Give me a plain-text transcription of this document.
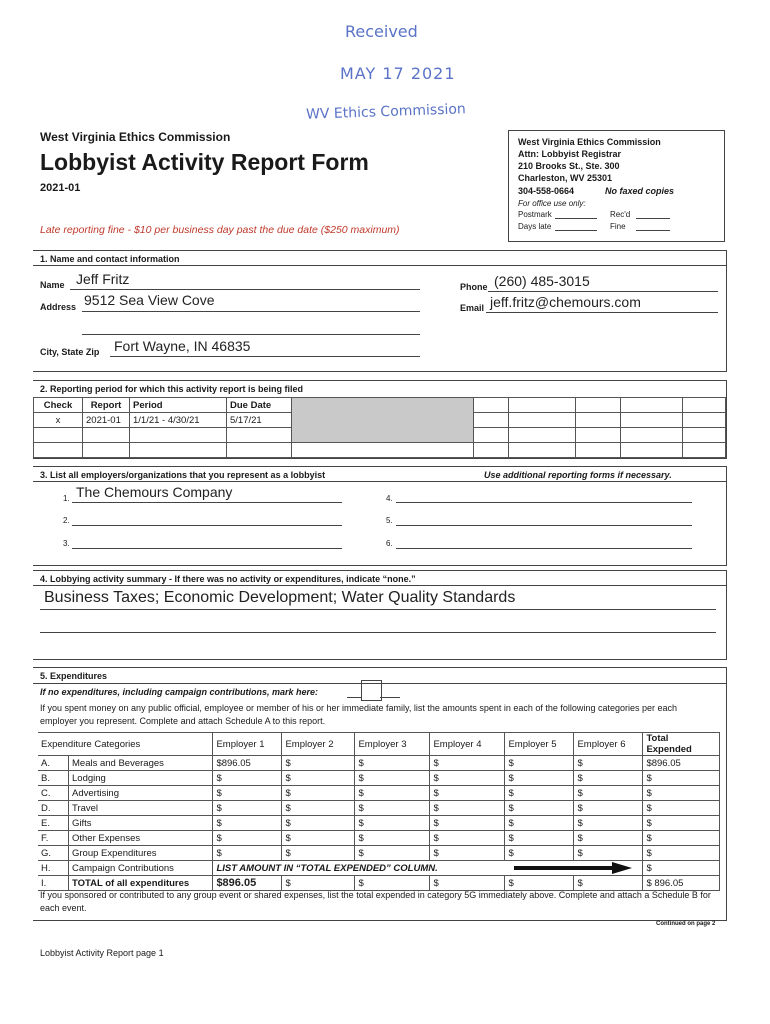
Received
MAY 17 2021
WV Ethics Commission
West Virginia Ethics Commission
Lobbyist Activity Report Form
2021-01
Late reporting fine - $10 per business day past the due date ($250 maximum)
West Virginia Ethics Commission
Attn: Lobbyist Registrar
210 Brooks St., Ste. 300
Charleston, WV 25301
304-558-0664	No faxed copies
For office use only:
Postmark	Rec'd
Days late	Fine
1. Name and contact information
Name Jeff Fritz
Address 9512 Sea View Cove
Phone (260) 485-3015
Email jeff.fritz@chemours.com
City, State Zip Fort Wayne, IN 46835
2. Reporting period for which this activity report is being filed
Check	Report	Period	Due Date						
x	2021-01	1/1/21 - 4/30/21	5/17/21						

3. List all employers/organizations that you represent as a lobbyist	Use additional reporting forms if necessary.
1. The Chemours Company
2.
3.
4.
5.
6.
4. Lobbying activity summary - If there was no activity or expenditures, indicate “none.”
Business Taxes; Economic Development; Water Quality Standards
5. Expenditures
If no expenditures, including campaign contributions, mark here:
If you spent money on any public official, employee or member of his or her immediate family, list the amounts spent in each of the following categories per each employer you represent. Complete and attach Schedule A to this report.
Expenditure Categories		Employer 1	Employer 2	Employer 3	Employer 4	Employer 5	Employer 6	Total Expended
A.	Meals and Beverages	$896.05	$	$	$	$	$	$896.05
B.	Lodging	$	$	$	$	$	$	$
C.	Advertising	$	$	$	$	$	$	$
D.	Travel	$	$	$	$	$	$	$
E.	Gifts	$	$	$	$	$	$	$
F.	Other Expenses	$	$	$	$	$	$	$
G.	Group Expenditures	$	$	$	$	$	$	$
H.	Campaign Contributions	LIST AMOUNT IN “TOTAL EXPENDED” COLUMN.						$
I.	TOTAL of all expenditures	$896.05	$	$	$	$	$	$ 896.05
If you sponsored or contributed to any group event or shared expenses, list the total expended in category 5G immediately above. Complete and attach a Schedule B for each event.
Continued on page 2
Lobbyist Activity Report page 1
